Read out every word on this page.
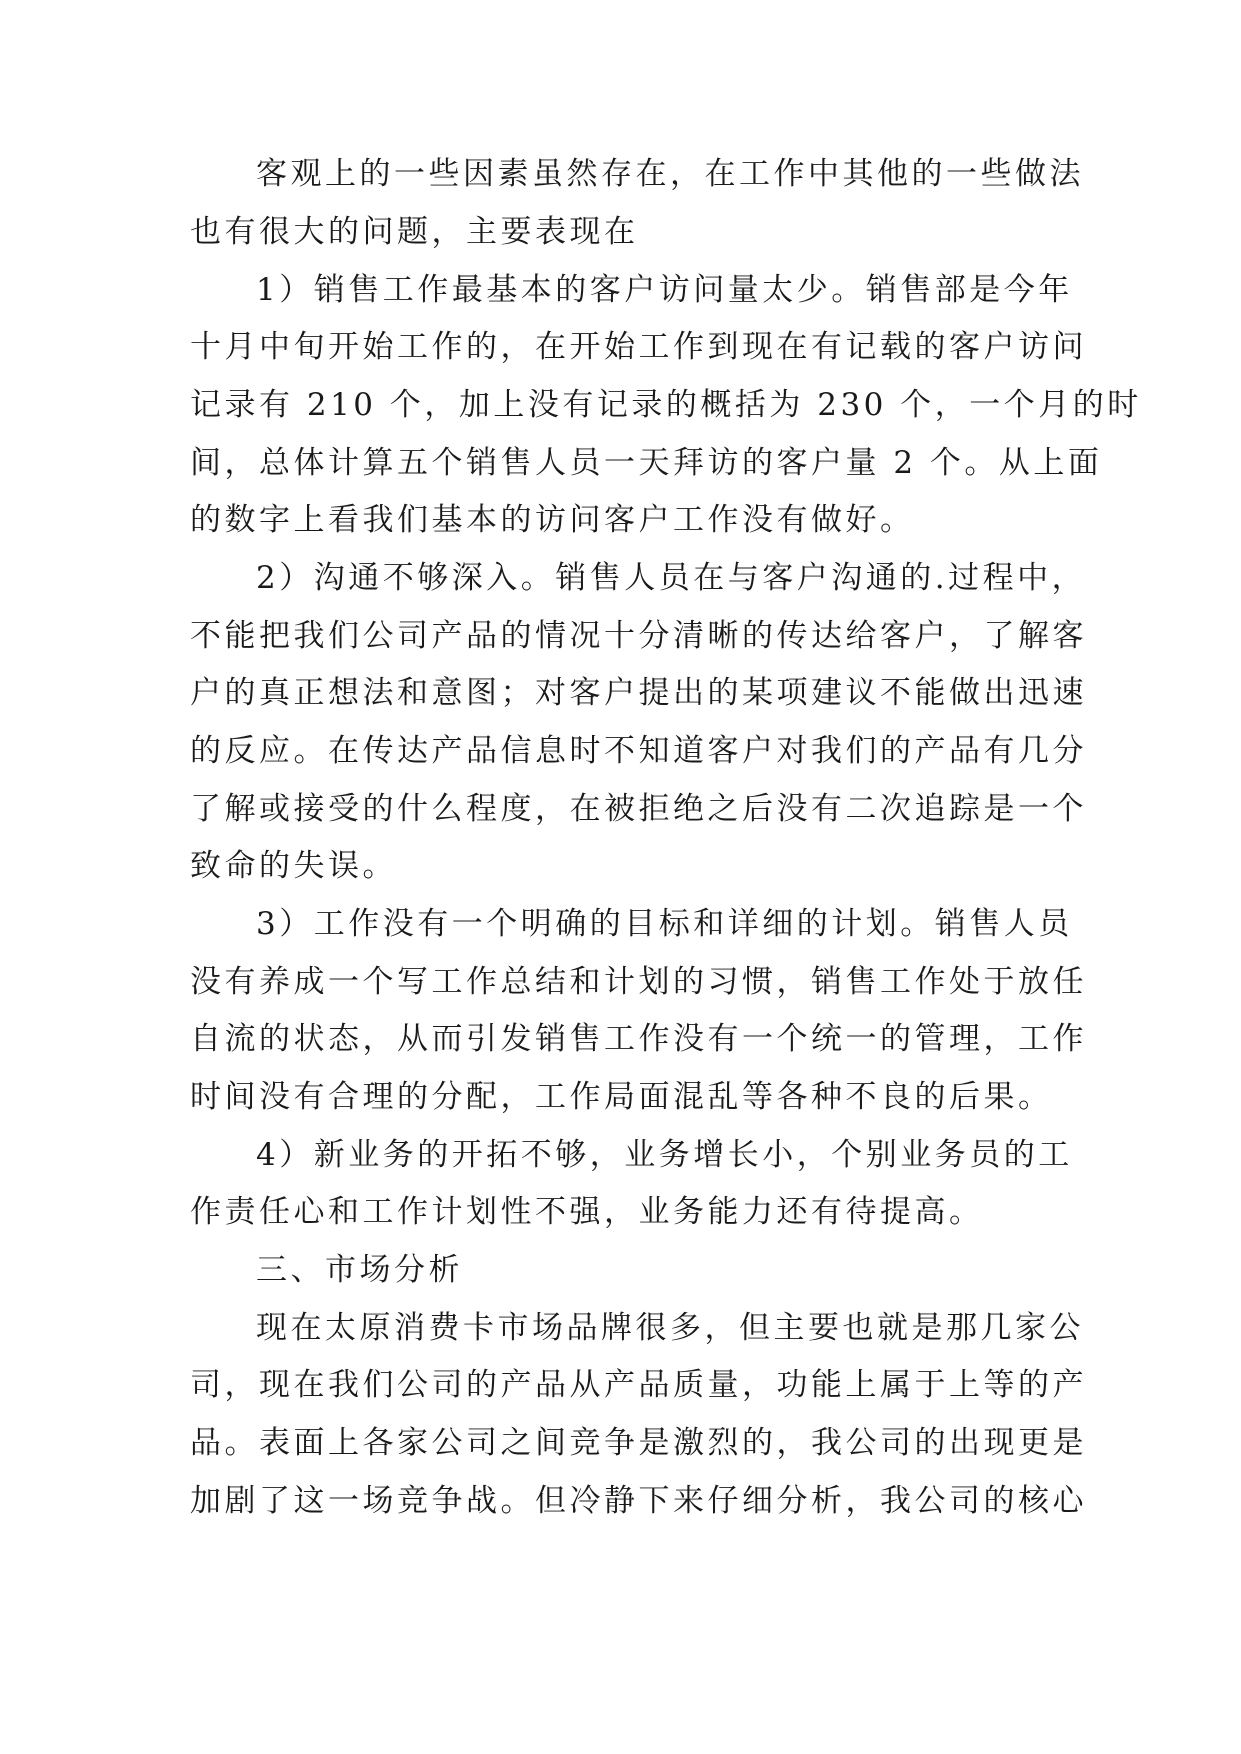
客观上的一些因素虽然存在，在工作中其他的一些做法
也有很大的问题，主要表现在
1）销售工作最基本的客户访问量太少。销售部是今年
十月中旬开始工作的，在开始工作到现在有记载的客户访问
记录有 210 个，加上没有记录的概括为 230 个，一个月的时
间，总体计算五个销售人员一天拜访的客户量 2 个。从上面
的数字上看我们基本的访问客户工作没有做好。
2）沟通不够深入。销售人员在与客户沟通的.过程中，
不能把我们公司产品的情况十分清晰的传达给客户，了解客
户的真正想法和意图；对客户提出的某项建议不能做出迅速
的反应。在传达产品信息时不知道客户对我们的产品有几分
了解或接受的什么程度，在被拒绝之后没有二次追踪是一个
致命的失误。
3）工作没有一个明确的目标和详细的计划。销售人员
没有养成一个写工作总结和计划的习惯，销售工作处于放任
自流的状态，从而引发销售工作没有一个统一的管理，工作
时间没有合理的分配，工作局面混乱等各种不良的后果。
4）新业务的开拓不够，业务增长小，个别业务员的工
作责任心和工作计划性不强，业务能力还有待提高。
三、市场分析
现在太原消费卡市场品牌很多，但主要也就是那几家公
司，现在我们公司的产品从产品质量，功能上属于上等的产
品。表面上各家公司之间竞争是激烈的，我公司的出现更是
加剧了这一场竞争战。但冷静下来仔细分析，我公司的核心
